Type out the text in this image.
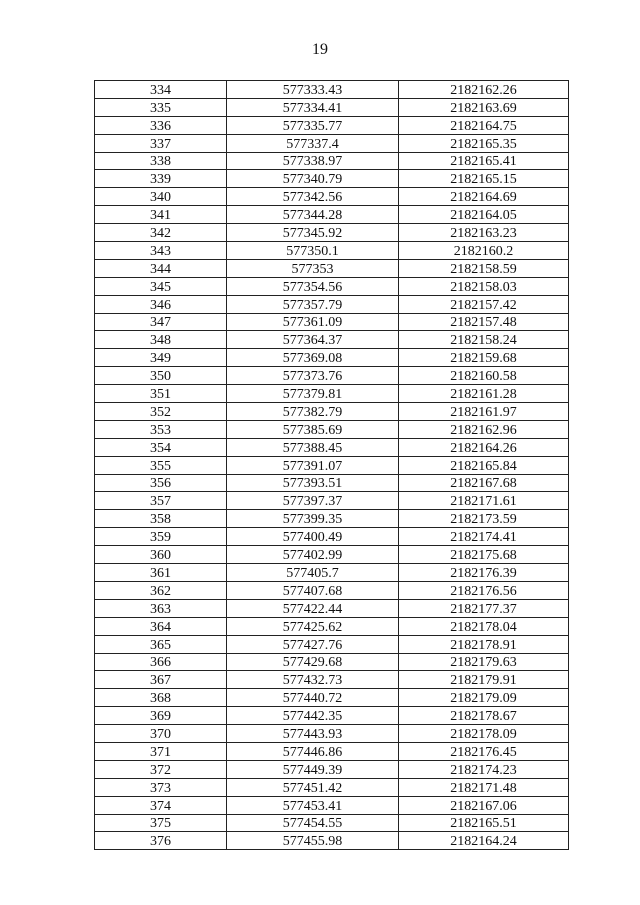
19
334	577333.43	2182162.26
335	577334.41	2182163.69
336	577335.77	2182164.75
337	577337.4	2182165.35
338	577338.97	2182165.41
339	577340.79	2182165.15
340	577342.56	2182164.69
341	577344.28	2182164.05
342	577345.92	2182163.23
343	577350.1	2182160.2
344	577353	2182158.59
345	577354.56	2182158.03
346	577357.79	2182157.42
347	577361.09	2182157.48
348	577364.37	2182158.24
349	577369.08	2182159.68
350	577373.76	2182160.58
351	577379.81	2182161.28
352	577382.79	2182161.97
353	577385.69	2182162.96
354	577388.45	2182164.26
355	577391.07	2182165.84
356	577393.51	2182167.68
357	577397.37	2182171.61
358	577399.35	2182173.59
359	577400.49	2182174.41
360	577402.99	2182175.68
361	577405.7	2182176.39
362	577407.68	2182176.56
363	577422.44	2182177.37
364	577425.62	2182178.04
365	577427.76	2182178.91
366	577429.68	2182179.63
367	577432.73	2182179.91
368	577440.72	2182179.09
369	577442.35	2182178.67
370	577443.93	2182178.09
371	577446.86	2182176.45
372	577449.39	2182174.23
373	577451.42	2182171.48
374	577453.41	2182167.06
375	577454.55	2182165.51
376	577455.98	2182164.24
